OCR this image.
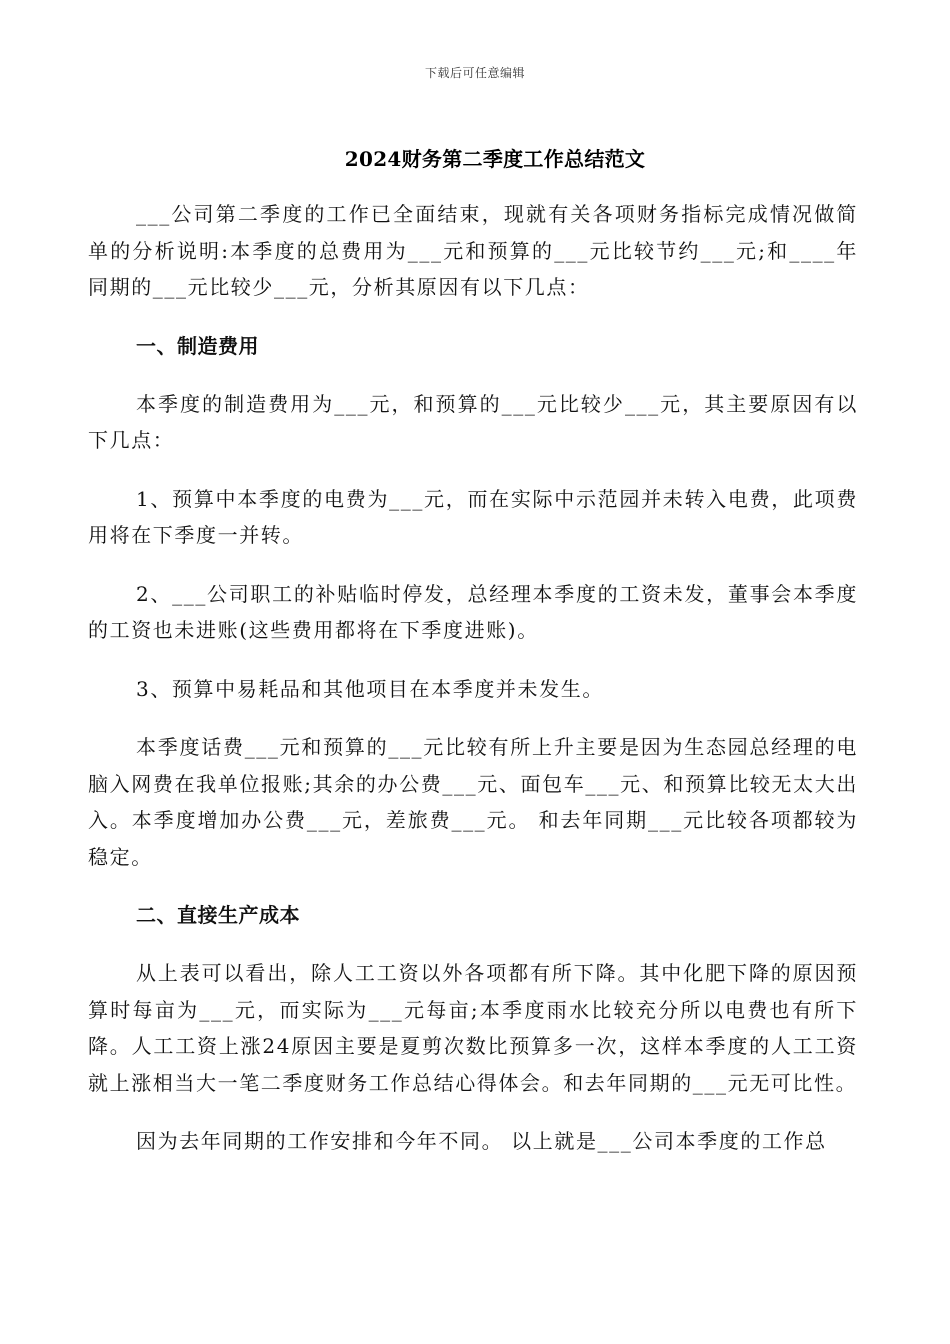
下载后可任意编辑
2024财务第二季度工作总结范文

___公司第二季度的工作已全面结束，现就有关各项财务指标完成情况做简单的分析说明:本季度的总费用为___元和预算的___元比较节约___元;和____年同期的___元比较少___元，分析其原因有以下几点：

一、制造费用

本季度的制造费用为___元，和预算的___元比较少___元，其主要原因有以下几点：

1、预算中本季度的电费为___元，而在实际中示范园并未转入电费，此项费用将在下季度一并转。

2、___公司职工的补贴临时停发，总经理本季度的工资未发，董事会本季度的工资也未进账(这些费用都将在下季度进账)。

3、预算中易耗品和其他项目在本季度并未发生。

本季度话费___元和预算的___元比较有所上升主要是因为生态园总经理的电脑入网费在我单位报账;其余的办公费___元、面包车___元、和预算比较无太大出入。本季度增加办公费___元，差旅费___元。 和去年同期___元比较各项都较为稳定。

二、直接生产成本

从上表可以看出，除人工工资以外各项都有所下降。其中化肥下降的原因预算时每亩为___元，而实际为___元每亩;本季度雨水比较充分所以电费也有所下降。人工工资上涨24原因主要是夏剪次数比预算多一次，这样本季度的人工工资就上涨相当大一笔二季度财务工作总结心得体会。和去年同期的___元无可比性。

因为去年同期的工作安排和今年不同。 以上就是___公司本季度的工作总
